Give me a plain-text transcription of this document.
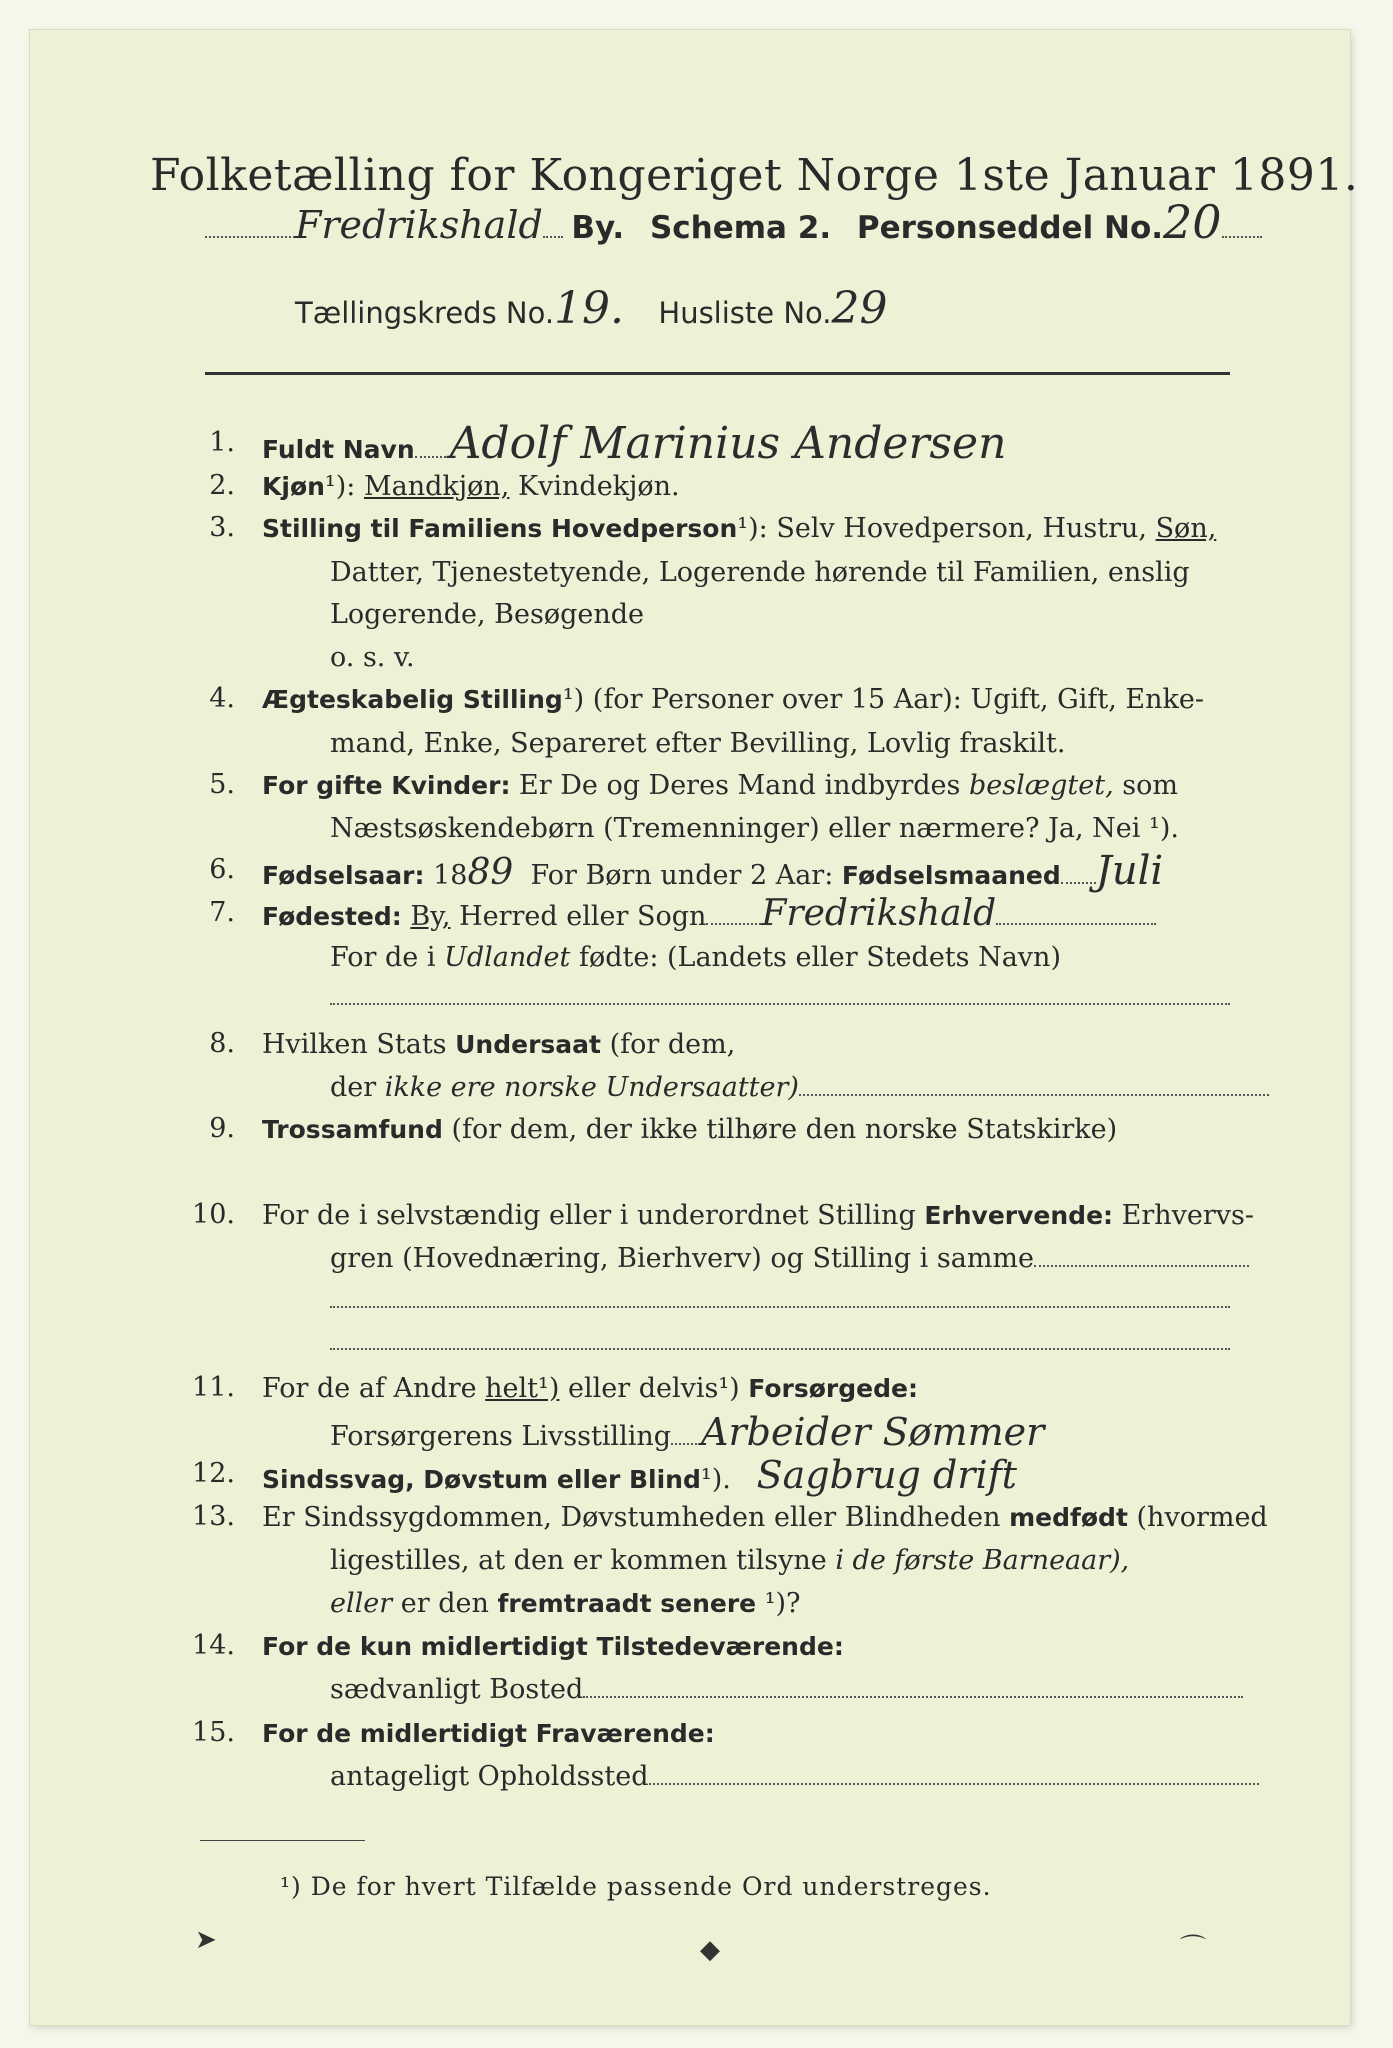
Folketælling for Kongeriget Norge 1ste Januar 1891.
Fredrikshald By. Schema 2. Personseddel No.20
Tællingskreds No.19. Husliste No.29
1. Fuldt Navn Adolf Marinius Andersen
2. Kjøn¹): Mandkjøn, Kvindekjøn.
3. Stilling til Familiens Hovedperson¹): Selv Hovedperson, Hustru, Søn,
Datter, Tjenestetyende, Logerende hørende til Familien, enslig
Logerende, Besøgende
o. s. v.
4. Ægteskabelig Stilling¹) (for Personer over 15 Aar): Ugift, Gift, Enke-
mand, Enke, Separeret efter Bevilling, Lovlig fraskilt.
5. For gifte Kvinder: Er De og Deres Mand indbyrdes beslægtet, som
Næstsøskendebørn (Tremenninger) eller nærmere? Ja, Nei ¹).
6. Fødselsaar: 1889 For Børn under 2 Aar: Fødselsmaaned Juli
7. Fødested: By, Herred eller Sogn Fredrikshald
For de i Udlandet fødte: (Landets eller Stedets Navn)
8. Hvilken Stats Undersaat (for dem,
der ikke ere norske Undersaatter)
9. Trossamfund (for dem, der ikke tilhøre den norske Statskirke)
10. For de i selvstændig eller i underordnet Stilling Erhvervende: Erhvervs-
gren (Hovednæring, Bierhverv) og Stilling i samme
11. For de af Andre helt¹) eller delvis¹) Forsørgede:
Forsørgerens Livsstilling Arbeider Sømmer
12. Sindssvag, Døvstum eller Blind¹). Sagbrug drift
13. Er Sindssygdommen, Døvstumheden eller Blindheden medfødt (hvormed
ligestilles, at den er kommen tilsyne i de første Barneaar),
eller er den fremtraadt senere ¹)?
14. For de kun midlertidigt Tilstedeværende:
sædvanligt Bosted
15. For de midlertidigt Fraværende:
antageligt Opholdssted
¹) De for hvert Tilfælde passende Ord understreges.
➤	◆	⌒
